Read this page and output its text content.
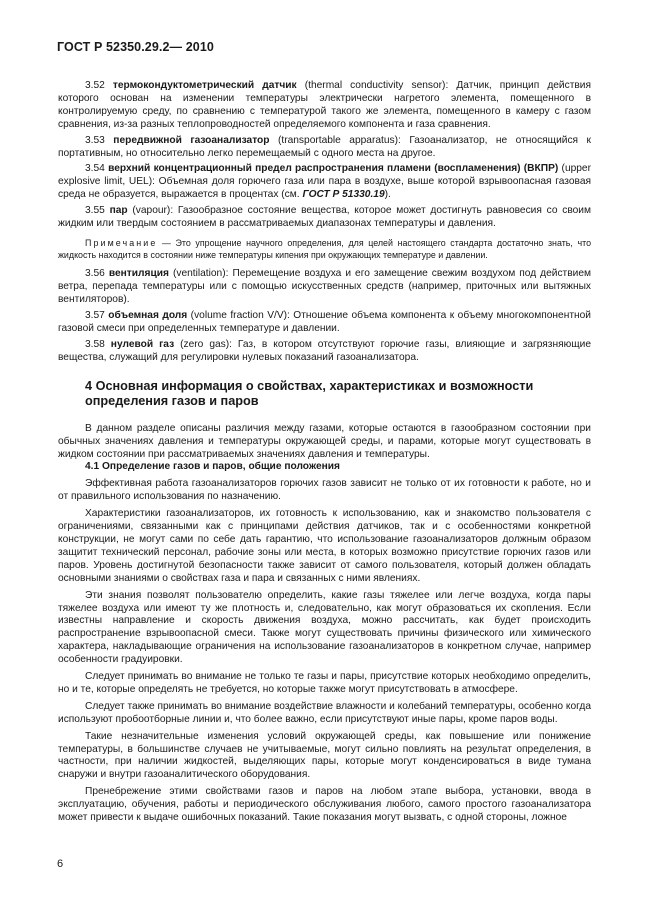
ГОСТ Р 52350.29.2— 2010

3.52 термокондуктометрический датчик (thermal conductivity sensor): Датчик, принцип действия которого основан на изменении температуры электрически нагретого элемента, помещенного в контролируемую среду, по сравнению с температурой такого же элемента, помещенного в камеру с газом сравнения, из-за разных теплопроводностей определяемого компонента и газа сравнения.

3.53 передвижной газоанализатор (transportable apparatus): Газоанализатор, не относящийся к портативным, но относительно легко перемещаемый с одного места на другое.

3.54 верхний концентрационный предел распространения пламени (воспламенения) (ВКПР) (upper explosive limit, UEL): Объемная доля горючего газа или пара в воздухе, выше которой взрывоопасная газовая среда не образуется, выражается в процентах (см. ГОСТ Р 51330.19).

3.55 пар (vapour): Газообразное состояние вещества, которое может достигнуть равновесия со своим жидким или твердым состоянием в рассматриваемых диапазонах температуры и давления.

Примечание — Это упрощение научного определения, для целей настоящего стандарта достаточно знать, что жидкость находится в состоянии ниже температуры кипения при окружающих температуре и давлении.

3.56 вентиляция (ventilation): Перемещение воздуха и его замещение свежим воздухом под действием ветра, перепада температуры или с помощью искусственных средств (например, приточных или вытяжных вентиляторов).

3.57 объемная доля (volume fraction V/V): Отношение объема компонента к объему многокомпонентной газовой смеси при определенных температуре и давлении.

3.58 нулевой газ (zero gas): Газ, в котором отсутствуют горючие газы, влияющие и загрязняющие вещества, служащий для регулировки нулевых показаний газоанализатора.

4 Основная информация о свойствах, характеристиках и возможности
определения газов и паров

В данном разделе описаны различия между газами, которые остаются в газообразном состоянии при обычных значениях давления и температуры окружающей среды, и парами, которые могут существовать в жидком состоянии при рассматриваемых значениях давления и температуры.

4.1 Определение газов и паров, общие положения

Эффективная работа газоанализаторов горючих газов зависит не только от их готовности к работе, но и от правильного использования по назначению.

Характеристики газоанализаторов, их готовность к использованию, как и знакомство пользователя с ограничениями, связанными как с принципами действия датчиков, так и с особенностями конкретной конструкции, не могут сами по себе дать гарантию, что использование газоанализаторов должным образом защитит технический персонал, рабочие зоны или места, в которых возможно присутствие горючих газов или паров. Уровень достигнутой безопасности также зависит от самого пользователя, который должен обладать основными знаниями о свойствах газа и пара и связанных с ними явлениях.

Эти знания позволят пользователю определить, какие газы тяжелее или легче воздуха, когда пары тяжелее воздуха или имеют ту же плотность и, следовательно, как могут образоваться их скопления. Если известны направление и скорость движения воздуха, можно рассчитать, как будет происходить распространение взрывоопасной смеси. Также могут существовать причины физического или химического характера, накладывающие ограничения на использование газоанализаторов в конкретном случае, например особенности градуировки.

Следует принимать во внимание не только те газы и пары, присутствие которых необходимо определить, но и те, которые определять не требуется, но которые также могут присутствовать в атмосфере.

Следует также принимать во внимание воздействие влажности и колебаний температуры, особенно когда используют пробоотборные линии и, что более важно, если присутствуют иные пары, кроме паров воды.

Такие незначительные изменения условий окружающей среды, как повышение или понижение температуры, в большинстве случаев не учитываемые, могут сильно повлиять на результат определения, в частности, при наличии жидкостей, выделяющих пары, которые могут конденсироваться в виде тумана снаружи и внутри газоаналитического оборудования.

Пренебрежение этими свойствами газов и паров на любом этапе выбора, установки, ввода в эксплуатацию, обучения, работы и периодического обслуживания любого, самого простого газоанализатора может привести к выдаче ошибочных показаний. Такие показания могут вызвать, с одной стороны, ложное

6
